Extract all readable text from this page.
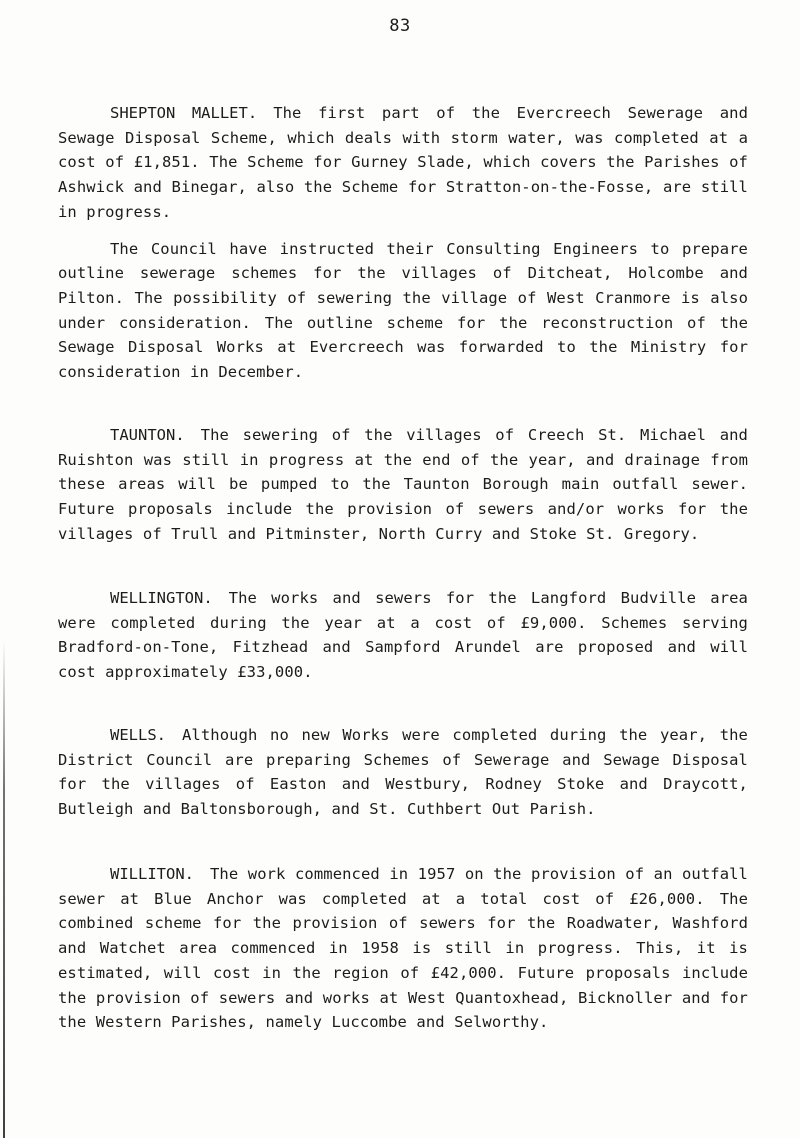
83

SHEPTON MALLET. The first part of the Evercreech Sewerage and Sewage Disposal Scheme, which deals with storm water, was completed at a cost of £1,851. The Scheme for Gurney Slade, which covers the Parishes of Ashwick and Binegar, also the Scheme for Stratton-on-the-Fosse, are still in progress.

The Council have instructed their Consulting Engineers to prepare outline sewerage schemes for the villages of Ditcheat, Holcombe and Pilton. The possibility of sewering the village of West Cranmore is also under consideration. The outline scheme for the reconstruction of the Sewage Disposal Works at Evercreech was forwarded to the Ministry for consideration in December.

TAUNTON. The sewering of the villages of Creech St. Michael and Ruishton was still in progress at the end of the year, and drainage from these areas will be pumped to the Taunton Borough main outfall sewer. Future proposals include the provision of sewers and/or works for the villages of Trull and Pitminster, North Curry and Stoke St. Gregory.

WELLINGTON. The works and sewers for the Langford Budville area were completed during the year at a cost of £9,000. Schemes serving Bradford-on-Tone, Fitzhead and Sampford Arundel are proposed and will cost approximately £33,000.

WELLS. Although no new Works were completed during the year, the District Council are preparing Schemes of Sewerage and Sewage Disposal for the villages of Easton and Westbury, Rodney Stoke and Draycott, Butleigh and Baltonsborough, and St. Cuthbert Out Parish.

WILLITON. The work commenced in 1957 on the provision of an outfall sewer at Blue Anchor was completed at a total cost of £26,000. The combined scheme for the provision of sewers for the Roadwater, Washford and Watchet area commenced in 1958 is still in progress. This, it is estimated, will cost in the region of £42,000. Future proposals include the provision of sewers and works at West Quantoxhead, Bicknoller and for the Western Parishes, namely Luccombe and Selworthy.
